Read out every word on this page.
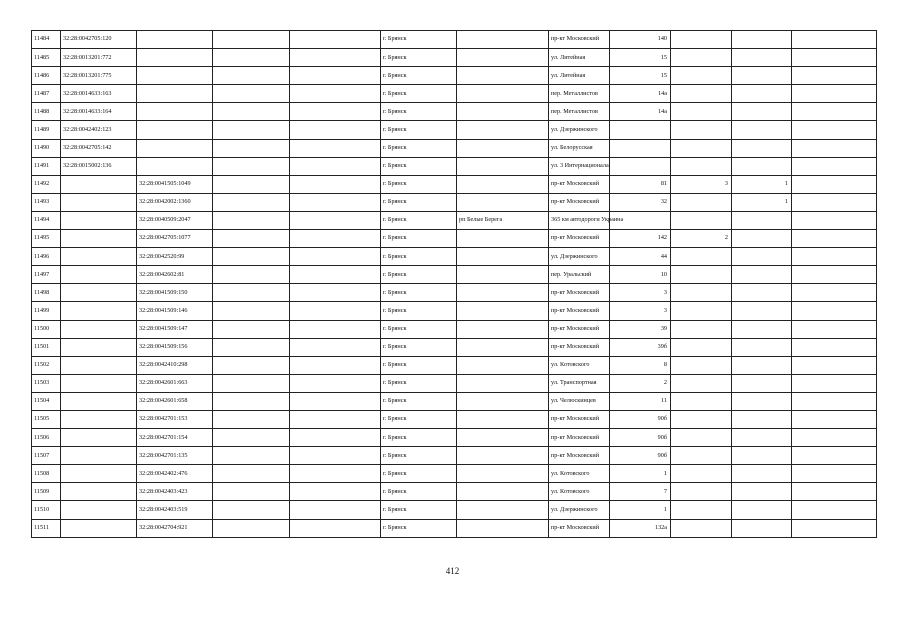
11484	32:28:0042705:120				г. Брянск		пр-кт Московский	140			
11485	32:28:0013201:772				г. Брянск		ул. Литейная	15			
11486	32:28:0013201:775				г. Брянск		ул. Литейная	15			
11487	32:28:0014633:163				г. Брянск		пер. Металлистов	14а			
11488	32:28:0014633:164				г. Брянск		пер. Металлистов	14а			
11489	32:28:0042402:123				г. Брянск		ул. Дзержинского				
11490	32:28:0042705:142				г. Брянск		ул. Белорусская				
11491	32:28:0015002:136				г. Брянск		ул. 3 Интернационала				
11492		32:28:0041505:1049			г. Брянск		пр-кт Московский	81	3	1	
11493		32:28:0042002:1360			г. Брянск		пр-кт Московский	32		1	
11494		32:28:0040509:2047			г. Брянск	рп Белые Берега	365 км автодороги Украина				
11495		32:28:0042705:1077			г. Брянск		пр-кт Московский	142	2		
11496		32:28:0042520:99			г. Брянск		ул. Дзержинского	44			
11497		32:28:0042602:81			г. Брянск		пер. Уральский	10			
11498		32:28:0041509:150			г. Брянск		пр-кт Московский	3			
11499		32:28:0041509:146			г. Брянск		пр-кт Московский	3			
11500		32:28:0041509:147			г. Брянск		пр-кт Московский	39			
11501		32:28:0041509:156			г. Брянск		пр-кт Московский	39б			
11502		32:28:0042410:298			г. Брянск		ул. Котовского	8			
11503		32:28:0042601:663			г. Брянск		ул. Транспортная	2			
11504		32:28:0042601:658			г. Брянск		ул. Челюскинцев	11			
11505		32:28:0042701:153			г. Брянск		пр-кт Московский	90б			
11506		32:28:0042701:154			г. Брянск		пр-кт Московский	90б			
11507		32:28:0042701:135			г. Брянск		пр-кт Московский	90б			
11508		32:28:0042402:476			г. Брянск		ул. Котовского	1			
11509		32:28:0042403:423			г. Брянск		ул. Котовского	7			
11510		32:28:0042403:519			г. Брянск		ул. Дзержинского	1			
11511		32:28:0042704:921			г. Брянск		пр-кт Московский	132а			
412
